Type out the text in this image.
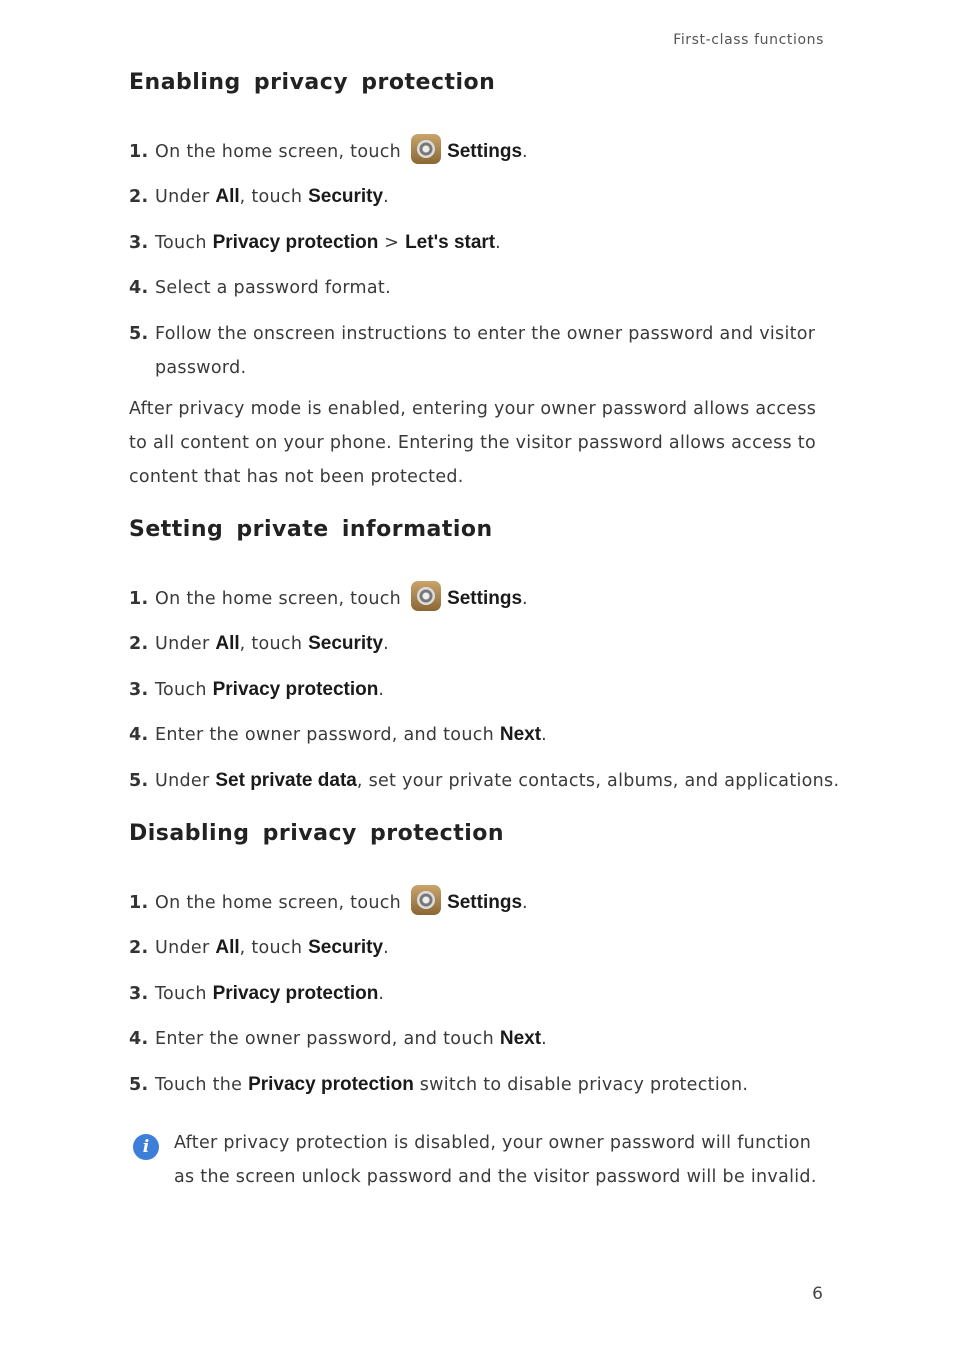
First-class functions
Enabling privacy protection
1. On the home screen, touch Settings.
2. Under All, touch Security.
3. Touch Privacy protection > Let's start.
4. Select a password format.
5. Follow the onscreen instructions to enter the owner password and visitor
password.
After privacy mode is enabled, entering your owner password allows access to all content on your phone. Entering the visitor password allows access to content that has not been protected.
Setting private information
1. On the home screen, touch Settings.
2. Under All, touch Security.
3. Touch Privacy protection.
4. Enter the owner password, and touch Next.
5. Under Set private data, set your private contacts, albums, and applications.
Disabling privacy protection
1. On the home screen, touch Settings.
2. Under All, touch Security.
3. Touch Privacy protection.
4. Enter the owner password, and touch Next.
5. Touch the Privacy protection switch to disable privacy protection.
After privacy protection is disabled, your owner password will function
as the screen unlock password and the visitor password will be invalid.
i
6
